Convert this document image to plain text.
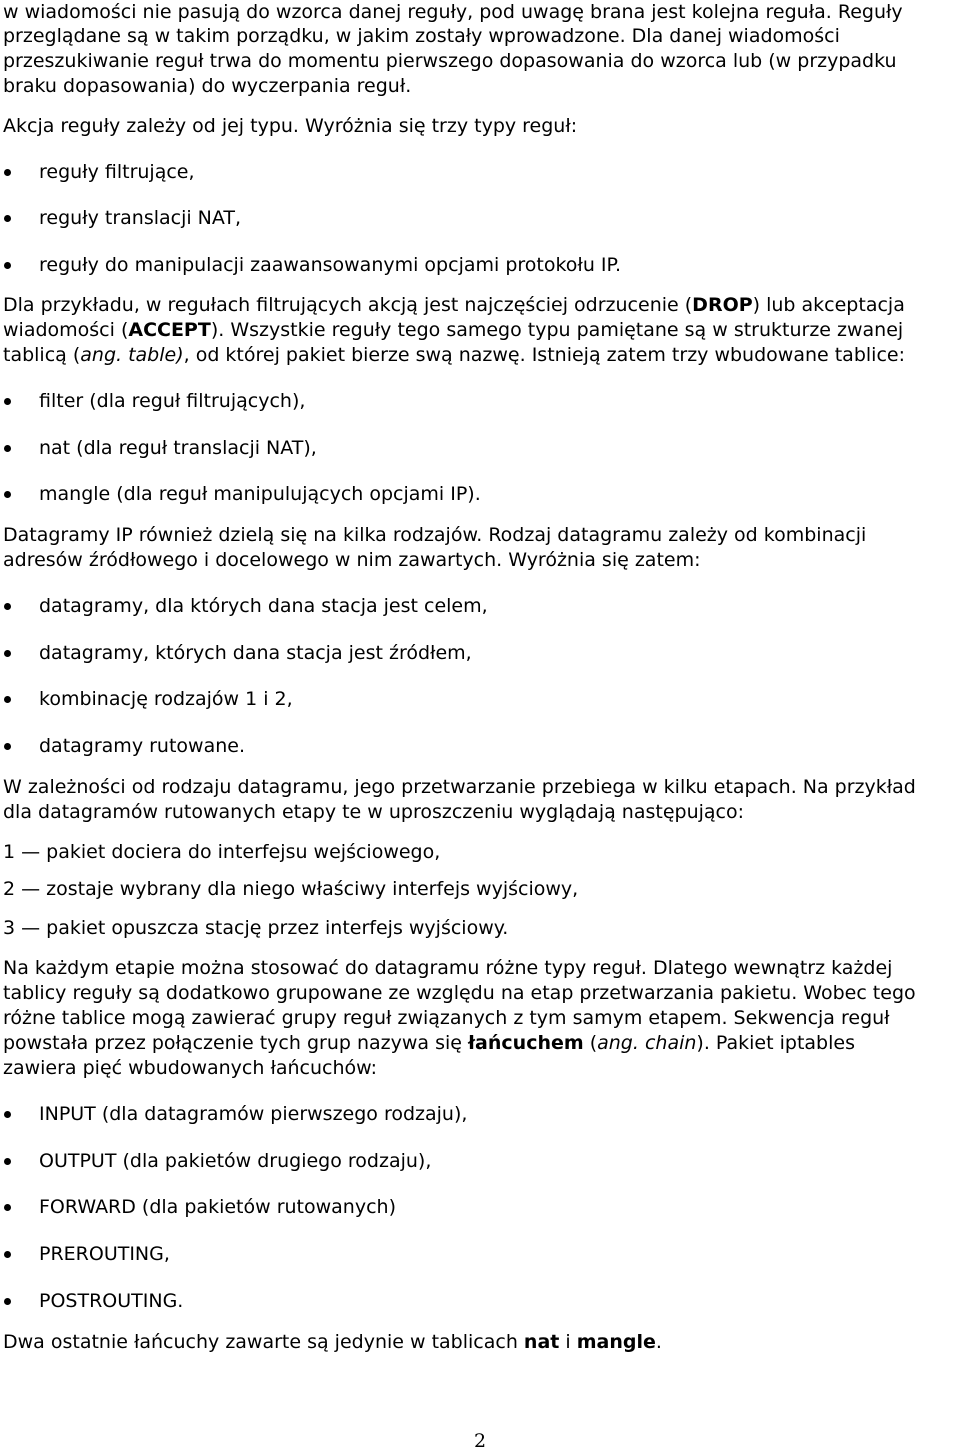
w wiadomości nie pasują do wzorca danej reguły, pod uwagę brana jest kolejna reguła. Reguły
przeglądane są w takim porządku, w jakim zostały wprowadzone. Dla danej wiadomości
przeszukiwanie reguł trwa do momentu pierwszego dopasowania do wzorca lub (w przypadku
braku dopasowania) do wyczerpania reguł.
Akcja reguły zależy od jej typu. Wyróżnia się trzy typy reguł:
reguły filtrujące,
reguły translacji NAT,
reguły do manipulacji zaawansowanymi opcjami protokołu IP.
Dla przykładu, w regułach filtrujących akcją jest najczęściej odrzucenie (DROP) lub akceptacja
wiadomości (ACCEPT). Wszystkie reguły tego samego typu pamiętane są w strukturze zwanej
tablicą (ang. table), od której pakiet bierze swą nazwę. Istnieją zatem trzy wbudowane tablice:
filter (dla reguł filtrujących),
nat (dla reguł translacji NAT),
mangle (dla reguł manipulujących opcjami IP).
Datagramy IP również dzielą się na kilka rodzajów. Rodzaj datagramu zależy od kombinacji
adresów źródłowego i docelowego w nim zawartych. Wyróżnia się zatem:
datagramy, dla których dana stacja jest celem,
datagramy, których dana stacja jest źródłem,
kombinację rodzajów 1 i 2,
datagramy rutowane.
W zależności od rodzaju datagramu, jego przetwarzanie przebiega w kilku etapach. Na przykład
dla datagramów rutowanych etapy te w uproszczeniu wyglądają następująco:
1 — pakiet dociera do interfejsu wejściowego,
2 — zostaje wybrany dla niego właściwy interfejs wyjściowy,
3 — pakiet opuszcza stację przez interfejs wyjściowy.
Na każdym etapie można stosować do datagramu różne typy reguł. Dlatego wewnątrz każdej
tablicy reguły są dodatkowo grupowane ze względu na etap przetwarzania pakietu. Wobec tego
różne tablice mogą zawierać grupy reguł związanych z tym samym etapem. Sekwencja reguł
powstała przez połączenie tych grup nazywa się łańcuchem (ang. chain). Pakiet iptables
zawiera pięć wbudowanych łańcuchów:
INPUT (dla datagramów pierwszego rodzaju),
OUTPUT (dla pakietów drugiego rodzaju),
FORWARD (dla pakietów rutowanych)
PREROUTING,
POSTROUTING.
Dwa ostatnie łańcuchy zawarte są jedynie w tablicach nat i mangle.
2
